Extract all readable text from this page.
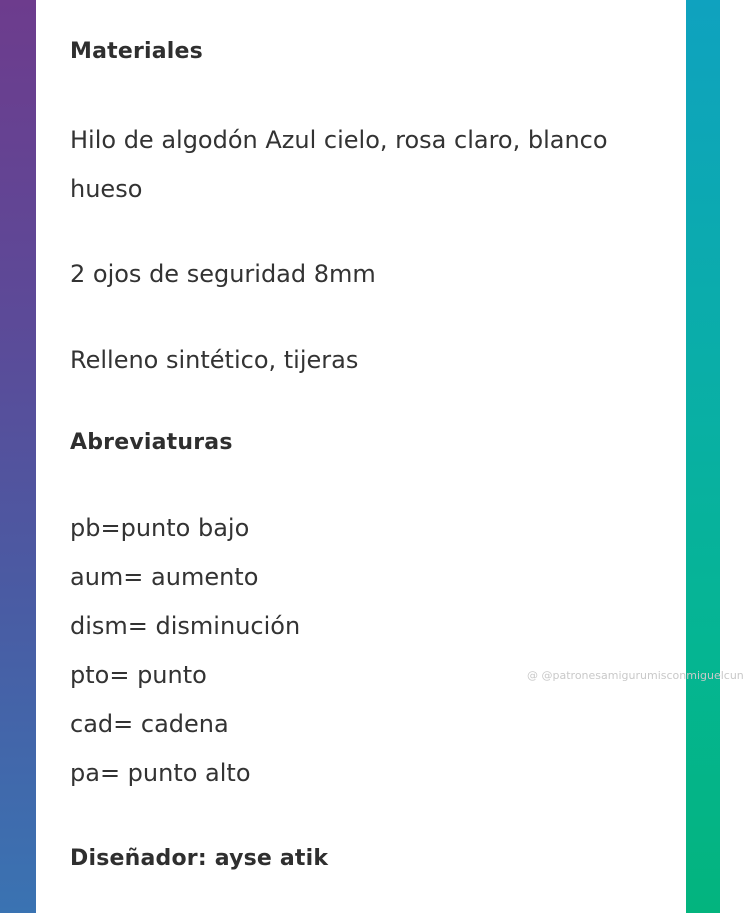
Materiales
Hilo de algodón Azul cielo, rosa claro, blanco hueso
2 ojos de seguridad 8mm
Relleno sintético, tijeras
Abreviaturas
pb=punto bajo
aum= aumento
dism= disminución
pto= punto
cad= cadena
pa= punto alto
Diseñador: ayse atik
@ @patronesamigurumisconmiguelcun
